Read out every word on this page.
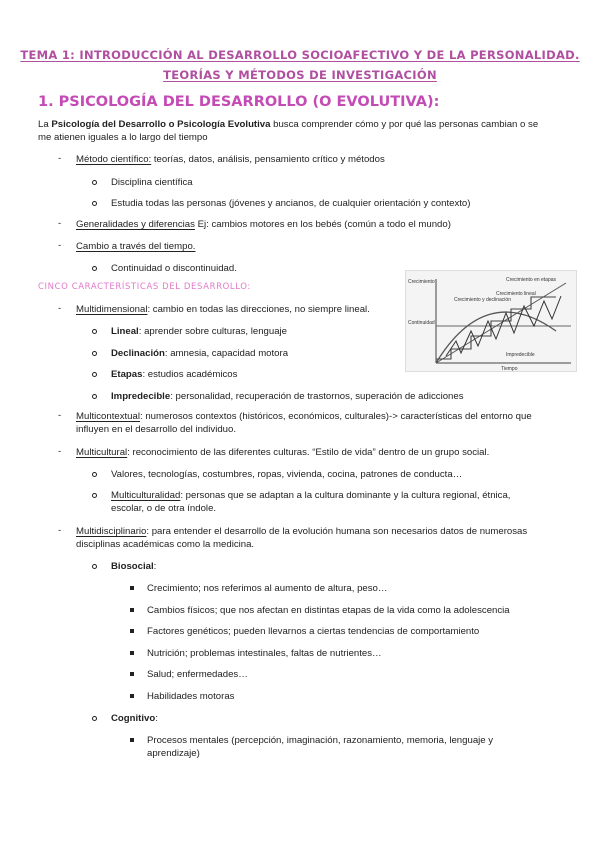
TEMA 1: INTRODUCCIÓN AL DESARROLLO SOCIOAFECTIVO Y DE LA PERSONALIDAD.
TEORÍAS Y MÉTODOS DE INVESTIGACIÓN
1. PSICOLOGÍA DEL DESARROLLO (O EVOLUTIVA):
La Psicología del Desarrollo o Psicología Evolutiva busca comprender cómo y por qué las personas cambian o se
me atienen iguales a lo largo del tiempo
- Método científico: teorías, datos, análisis, pensamiento crítico y métodos
Disciplina científica
Estudia todas las personas (jóvenes y ancianos, de cualquier orientación y contexto)
- Generalidades y diferencias Ej: cambios motores en los bebés (común a todo el mundo)
- Cambio a través del tiempo.
Continuidad o discontinuidad.
CINCO CARACTERÍSTICAS DEL DESARROLLO:	Crecimiento	Crecimiento en etapas
Crecimiento y declinación
Crecimiento lineal
Continuidad
Impredecible
Tiempo
- Multidimensional: cambio en todas las direcciones, no siempre lineal.
Lineal: aprender sobre culturas, lenguaje
Declinación: amnesia, capacidad motora
Etapas: estudios académicos
Impredecible: personalidad, recuperación de trastornos, superación de adicciones
- Multicontextual: numerosos contextos (históricos, económicos, culturales)-> características del entorno que
influyen en el desarrollo del individuo.
- Multicultural: reconocimiento de las diferentes culturas. “Estilo de vida” dentro de un grupo social.
Valores, tecnologías, costumbres, ropas, vivienda, cocina, patrones de conducta…
Multiculturalidad: personas que se adaptan a la cultura dominante y la cultura regional, étnica,
escolar, o de otra índole.
- Multidisciplinario: para entender el desarrollo de la evolución humana son necesarios datos de numerosas
disciplinas académicas como la medicina.
Biosocial:
Crecimiento; nos referimos al aumento de altura, peso…
Cambios físicos; que nos afectan en distintas etapas de la vida como la adolescencia
Factores genéticos; pueden llevarnos a ciertas tendencias de comportamiento
Nutrición; problemas intestinales, faltas de nutrientes…
Salud; enfermedades…
Habilidades motoras
Cognitivo:
Procesos mentales (percepción, imaginación, razonamiento, memoria, lenguaje y
aprendizaje)
